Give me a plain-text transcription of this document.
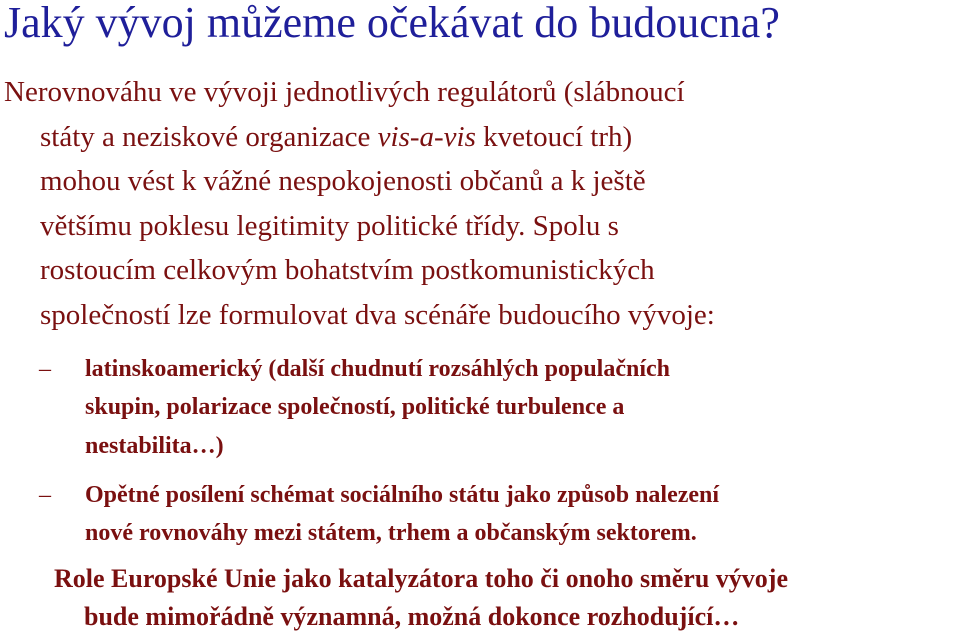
Jaký vývoj můžeme očekávat do budoucna?
Nerovnováhu ve vývoji jednotlivých regulátorů (slábnoucí
státy a neziskové organizace vis-a-vis kvetoucí trh)
mohou vést k vážné nespokojenosti občanů a k ještě
většímu poklesu legitimity politické třídy. Spolu s
rostoucím celkovým bohatstvím postkomunistických
společností lze formulovat dva scénáře budoucího vývoje:
–	latinskoamerický (další chudnutí rozsáhlých populačních
skupin, polarizace společností, politické turbulence a
nestabilita…)
–	Opětné posílení schémat sociálního státu jako způsob nalezení
nové rovnováhy mezi státem, trhem a občanským sektorem.
Role Europské Unie jako katalyzátora toho či onoho směru vývoje
bude mimořádně významná, možná dokonce rozhodující…
